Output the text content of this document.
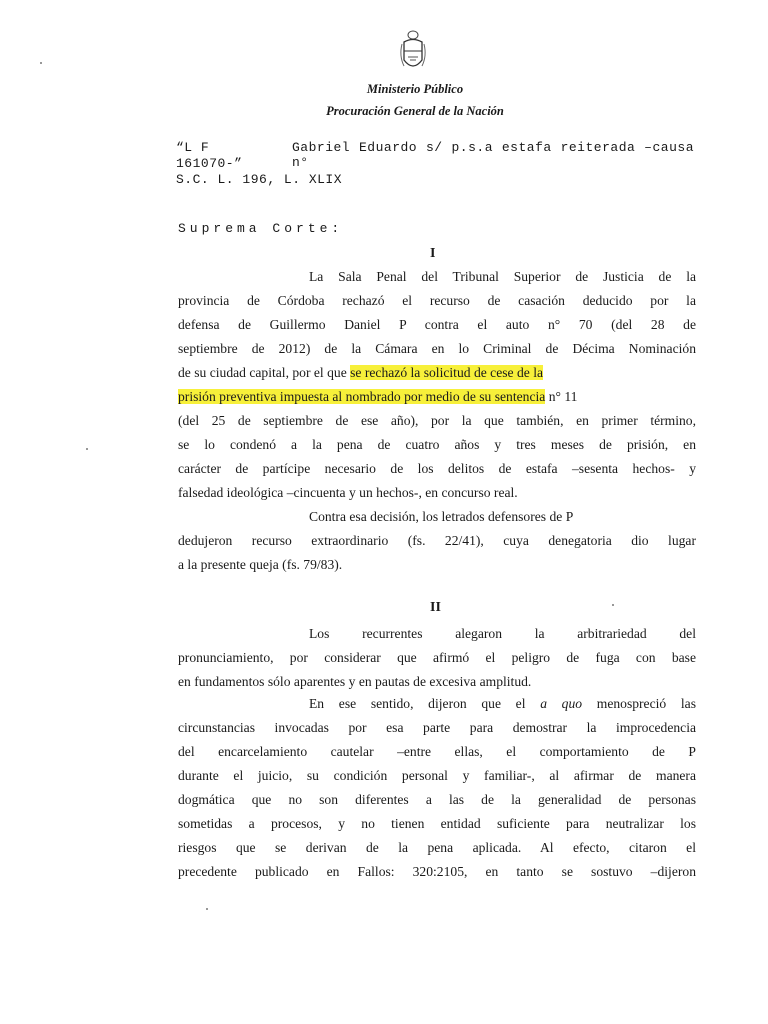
Ministerio Público
Procuración General de la Nación
“L F	Gabriel Eduardo s/ p.s.a estafa reiterada –causa n°
161070-”
S.C. L. 196, L. XLIX
Suprema Corte:
I
La Sala Penal del Tribunal Superior de Justicia de la
provincia de Córdoba rechazó el recurso de casación deducido por la
defensa de Guillermo Daniel P contra el auto n° 70 (del 28 de
septiembre de 2012) de la Cámara en lo Criminal de Décima Nominación
de su ciudad capital, por el que se rechazó la solicitud de cese de la
prisión preventiva impuesta al nombrado por medio de su sentencia n° 11
(del 25 de septiembre de ese año), por la que también, en primer término,
se lo condenó a la pena de cuatro años y tres meses de prisión, en
carácter de partícipe necesario de los delitos de estafa –sesenta hechos- y
falsedad ideológica –cincuenta y un hechos-, en concurso real.
Contra esa decisión, los letrados defensores de P
dedujeron recurso extraordinario (fs. 22/41), cuya denegatoria dio lugar
a la presente queja (fs. 79/83).
II
Los recurrentes alegaron la arbitrariedad del
pronunciamiento, por considerar que afirmó el peligro de fuga con base
en fundamentos sólo aparentes y en pautas de excesiva amplitud.
En ese sentido, dijeron que el a quo menospreció las
circunstancias invocadas por esa parte para demostrar la improcedencia
del encarcelamiento cautelar –entre ellas, el comportamiento de P
durante el juicio, su condición personal y familiar-, al afirmar de manera
dogmática que no son diferentes a las de la generalidad de personas
sometidas a procesos, y no tienen entidad suficiente para neutralizar los
riesgos que se derivan de la pena aplicada. Al efecto, citaron el
precedente publicado en Fallos: 320:2105, en tanto se sostuvo –dijeron
